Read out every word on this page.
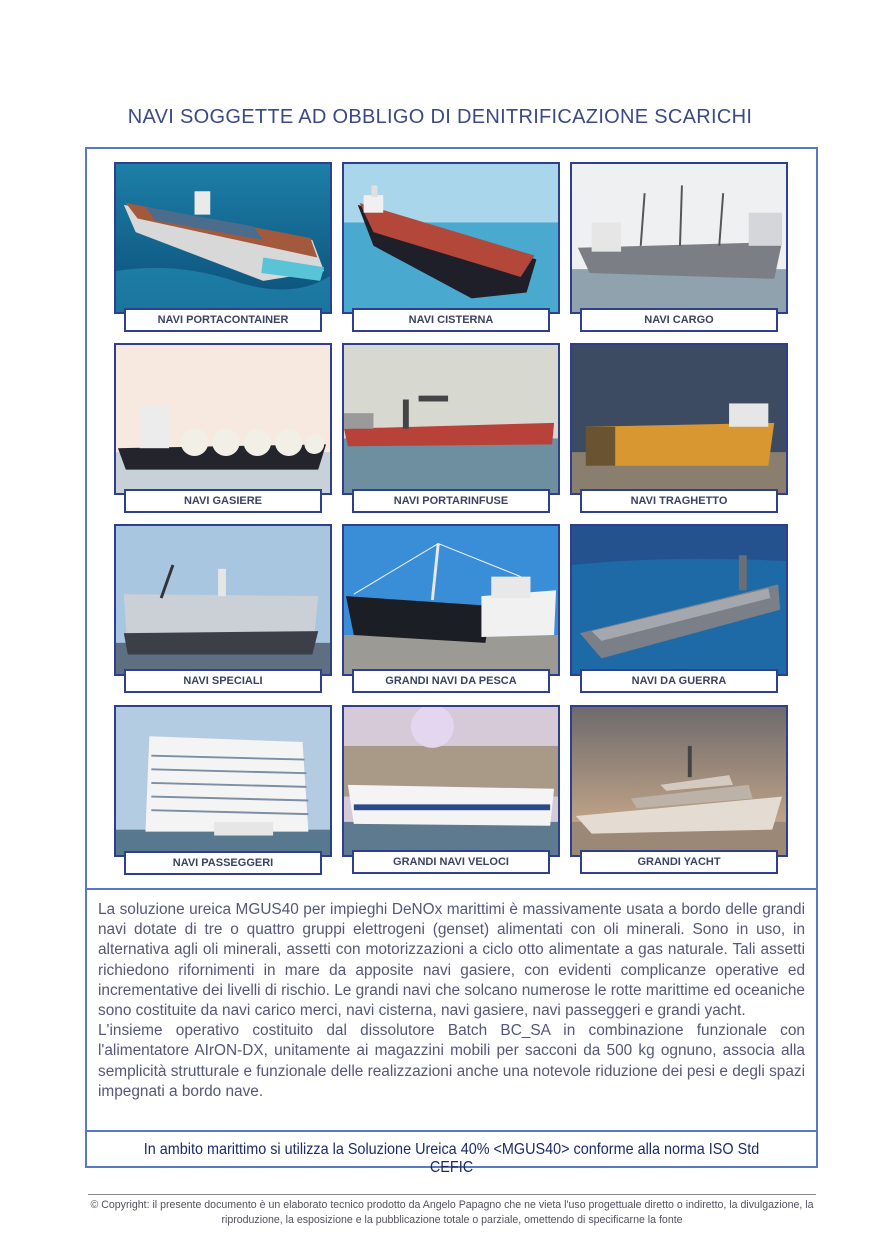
NAVI SOGGETTE AD OBBLIGO DI DENITRIFICAZIONE SCARICHI
NAVI PORTACONTAINER	NAVI CISTERNA	NAVI CARGO
NAVI GASIERE	NAVI PORTARINFUSE	NAVI TRAGHETTO
NAVI SPECIALI	GRANDI NAVI DA PESCA	NAVI DA GUERRA
NAVI PASSEGGERI	GRANDI NAVI VELOCI	GRANDI YACHT

La soluzione ureica MGUS40 per impieghi DeNOx marittimi è massivamente usata a bordo delle grandi navi dotate di tre o quattro gruppi elettrogeni (genset) alimentati con oli minerali. Sono in uso, in alternativa agli oli minerali, assetti con motorizzazioni a ciclo otto alimentate a gas naturale. Tali assetti richiedono rifornimenti in mare da apposite navi gasiere, con evidenti complicanze operative ed incrementative dei livelli di rischio. Le grandi navi che solcano numerose le rotte marittime ed oceaniche sono costituite da navi carico merci, navi cisterna, navi gasiere, navi passeggeri e grandi yacht.

L'insieme operativo costituito dal dissolutore Batch BC_SA in combinazione funzionale con l'alimentatore AIrON-DX, unitamente ai magazzini mobili per sacconi da 500 kg ognuno, associa alla semplicità strutturale e funzionale delle realizzazioni anche una notevole riduzione dei pesi e degli spazi impegnati a bordo nave.

In ambito marittimo si utilizza la Soluzione Ureica 40% <MGUS40> conforme alla norma ISO Std CEFIC
© Copyright: il presente documento è un elaborato tecnico prodotto da Angelo Papagno che ne vieta l'uso progettuale diretto o indiretto, la divulgazione, la riproduzione, la esposizione e la pubblicazione totale o parziale, omettendo di specificarne la fonte
